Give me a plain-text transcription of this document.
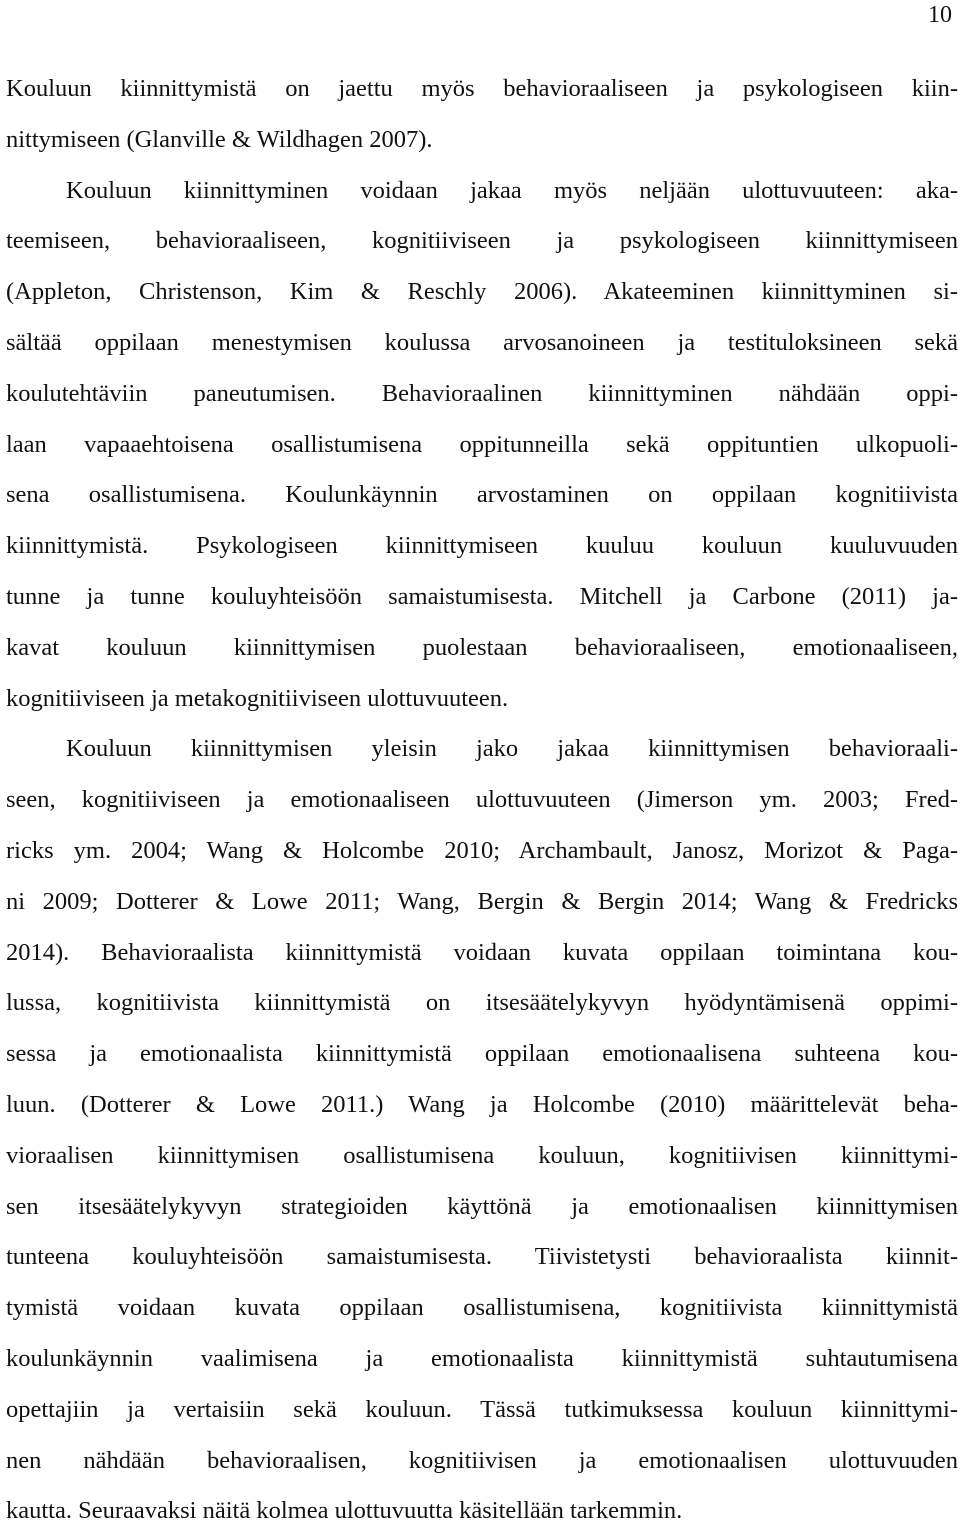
10
Kouluun kiinnittymistä on jaettu myös behavioraaliseen ja psykologiseen kiin-
nittymiseen (Glanville & Wildhagen 2007).
Kouluun kiinnittyminen voidaan jakaa myös neljään ulottuvuuteen: aka-
teemiseen, behavioraaliseen, kognitiiviseen ja psykologiseen kiinnittymiseen
(Appleton, Christenson, Kim & Reschly 2006). Akateeminen kiinnittyminen si-
sältää oppilaan menestymisen koulussa arvosanoineen ja testituloksineen sekä
koulutehtäviin paneutumisen. Behavioraalinen kiinnittyminen nähdään oppi-
laan vapaaehtoisena osallistumisena oppitunneilla sekä oppituntien ulkopuoli-
sena osallistumisena. Koulunkäynnin arvostaminen on oppilaan kognitiivista
kiinnittymistä. Psykologiseen kiinnittymiseen kuuluu kouluun kuuluvuuden
tunne ja tunne kouluyhteisöön samaistumisesta. Mitchell ja Carbone (2011) ja-
kavat kouluun kiinnittymisen puolestaan behavioraaliseen, emotionaaliseen,
kognitiiviseen ja metakognitiiviseen ulottuvuuteen.
Kouluun kiinnittymisen yleisin jako jakaa kiinnittymisen behavioraali-
seen, kognitiiviseen ja emotionaaliseen ulottuvuuteen (Jimerson ym. 2003; Fred-
ricks ym. 2004; Wang & Holcombe 2010; Archambault, Janosz, Morizot & Paga-
ni 2009; Dotterer & Lowe 2011; Wang, Bergin & Bergin 2014; Wang & Fredricks
2014). Behavioraalista kiinnittymistä voidaan kuvata oppilaan toimintana kou-
lussa, kognitiivista kiinnittymistä on itsesäätelykyvyn hyödyntämisenä oppimi-
sessa ja emotionaalista kiinnittymistä oppilaan emotionaalisena suhteena kou-
luun. (Dotterer & Lowe 2011.) Wang ja Holcombe (2010) määrittelevät beha-
vioraalisen kiinnittymisen osallistumisena kouluun, kognitiivisen kiinnittymi-
sen itsesäätelykyvyn strategioiden käyttönä ja emotionaalisen kiinnittymisen
tunteena kouluyhteisöön samaistumisesta. Tiivistetysti behavioraalista kiinnit-
tymistä voidaan kuvata oppilaan osallistumisena, kognitiivista kiinnittymistä
koulunkäynnin vaalimisena ja emotionaalista kiinnittymistä suhtautumisena
opettajiin ja vertaisiin sekä kouluun. Tässä tutkimuksessa kouluun kiinnittymi-
nen nähdään behavioraalisen, kognitiivisen ja emotionaalisen ulottuvuuden
kautta. Seuraavaksi näitä kolmea ulottuvuutta käsitellään tarkemmin.
